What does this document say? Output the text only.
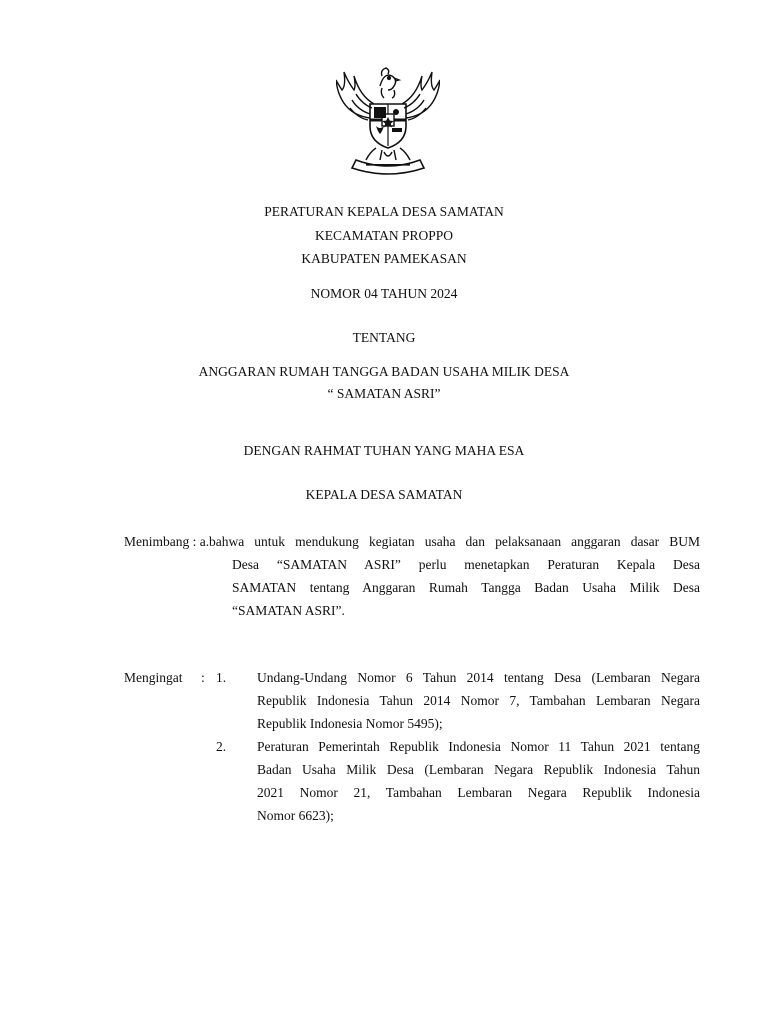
PERATURAN KEPALA DESA SAMATAN
KECAMATAN PROPPO
KABUPATEN PAMEKASAN
NOMOR 04 TAHUN 2024
TENTANG
ANGGARAN RUMAH TANGGA BADAN USAHA MILIK DESA
“ SAMATAN ASRI”
DENGAN RAHMAT TUHAN YANG MAHA ESA
KEPALA DESA SAMATAN
Menimbang : a. bahwa untuk mendukung kegiatan usaha dan pelaksanaan anggaran dasar BUM
Desa “SAMATAN ASRI” perlu menetapkan Peraturan Kepala Desa
SAMATAN tentang Anggaran Rumah Tangga Badan Usaha Milik Desa
“SAMATAN ASRI”.
Mengingat : 1. Undang-Undang Nomor 6 Tahun 2014 tentang Desa (Lembaran Negara
Republik Indonesia Tahun 2014 Nomor 7, Tambahan Lembaran Negara
Republik Indonesia Nomor 5495);
2. Peraturan Pemerintah Republik Indonesia Nomor 11 Tahun 2021 tentang
Badan Usaha Milik Desa (Lembaran Negara Republik Indonesia Tahun
2021 Nomor 21, Tambahan Lembaran Negara Republik Indonesia
Nomor 6623);
